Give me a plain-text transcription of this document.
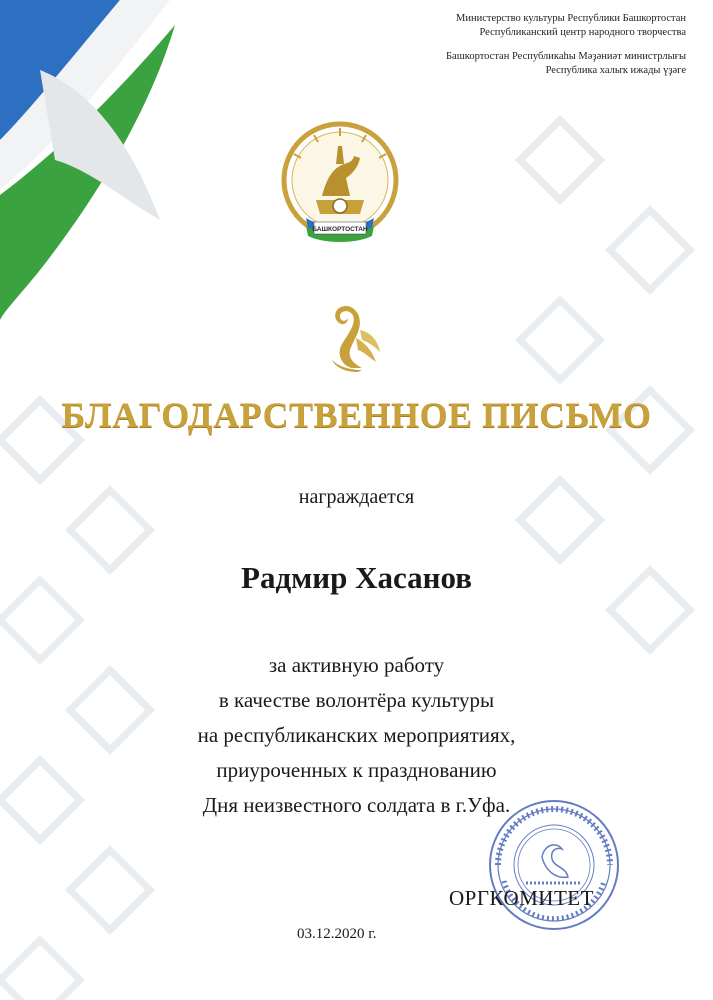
Министерство культуры Республики Башкортостан
Республиканский центр народного творчества
Башкортостан Республикаһы Мәҙәниәт министрлығы
Республика халыҡ ижады үҙәге
БАШКОРТОСТАН
БЛАГОДАРСТВЕННОЕ ПИСЬМО
награждается
Радмир Хасанов
за активную работу
в качестве волонтёра культуры
на республиканских мероприятиях,
приуроченных к празднованию
Дня неизвестного солдата в г.Уфа.
ОРГКОМИТЕТ
03.12.2020 г.
